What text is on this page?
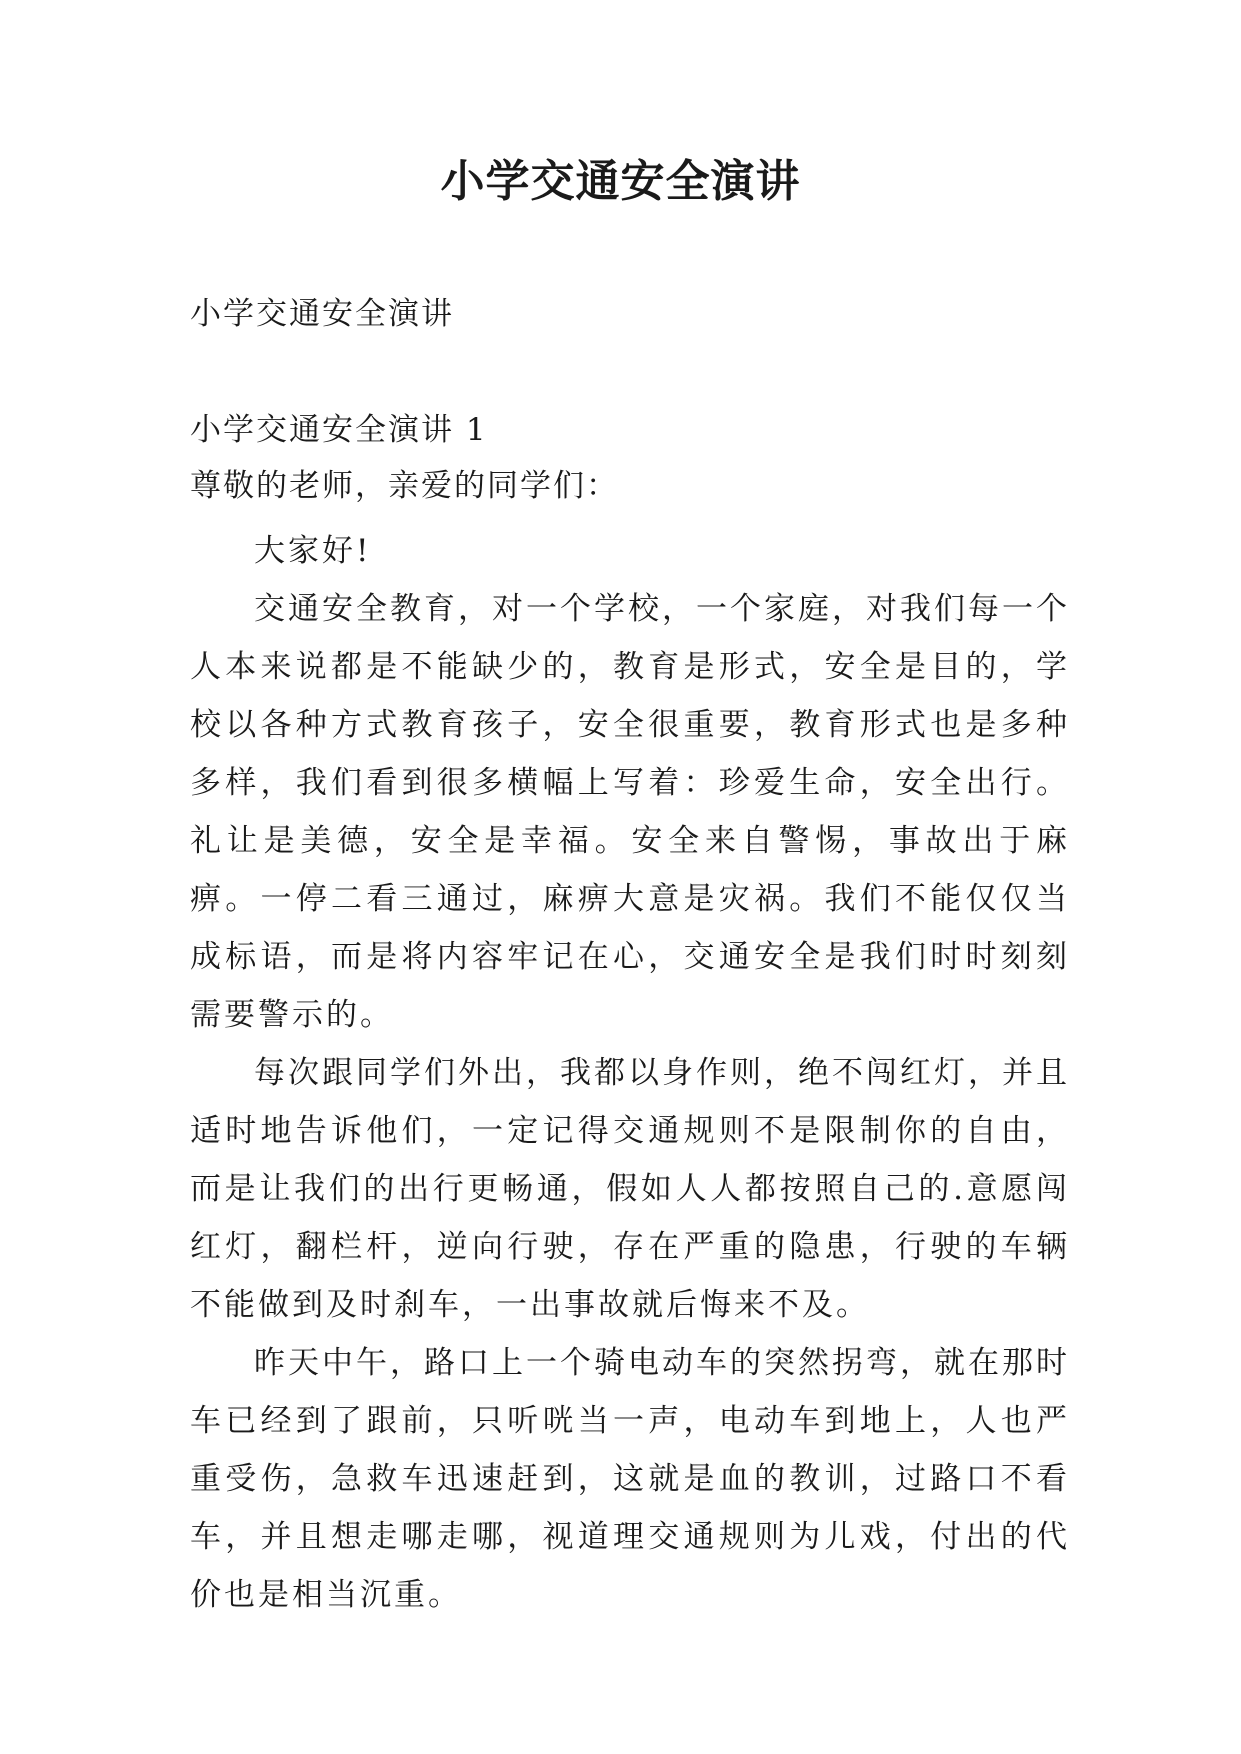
小学交通安全演讲

小学交通安全演讲

小学交通安全演讲 1

尊敬的老师，亲爱的同学们：

大家好!

交通安全教育，对一个学校，一个家庭，对我们每一个人本来说都是不能缺少的，教育是形式，安全是目的，学校以各种方式教育孩子，安全很重要，教育形式也是多种多样，我们看到很多横幅上写着：珍爱生命，安全出行。礼让是美德，安全是幸福。安全来自警惕，事故出于麻痹。一停二看三通过，麻痹大意是灾祸。我们不能仅仅当成标语，而是将内容牢记在心，交通安全是我们时时刻刻需要警示的。

每次跟同学们外出，我都以身作则，绝不闯红灯，并且适时地告诉他们，一定记得交通规则不是限制你的自由，而是让我们的出行更畅通，假如人人都按照自己的.意愿闯红灯，翻栏杆，逆向行驶，存在严重的隐患，行驶的车辆不能做到及时刹车，一出事故就后悔来不及。

昨天中午，路口上一个骑电动车的突然拐弯，就在那时车已经到了跟前，只听咣当一声，电动车到地上，人也严重受伤，急救车迅速赶到，这就是血的教训，过路口不看车，并且想走哪走哪，视道理交通规则为儿戏，付出的代价也是相当沉重。
